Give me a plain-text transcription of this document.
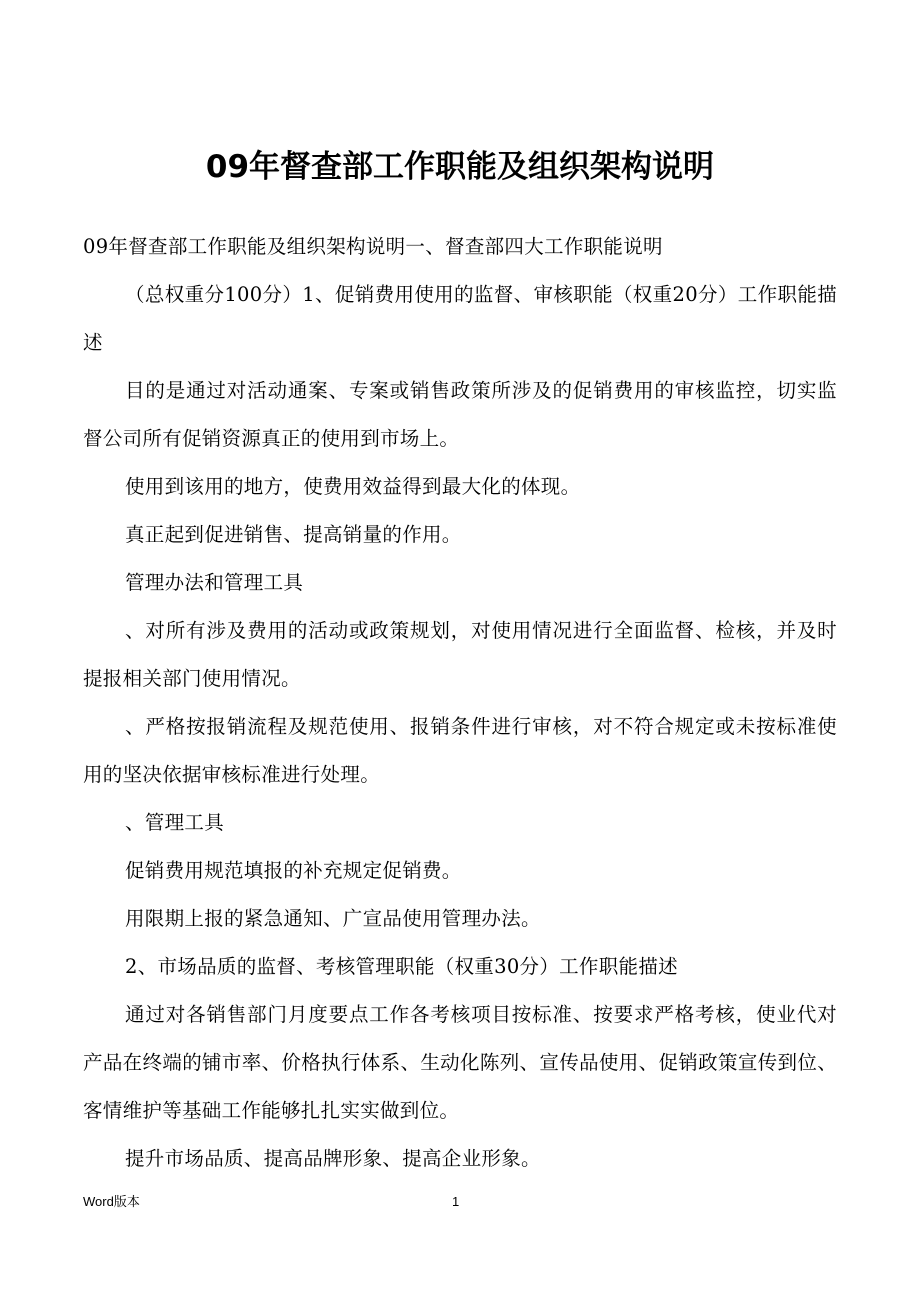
09年督查部工作职能及组织架构说明

09年督查部工作职能及组织架构说明一、督查部四大工作职能说明

（总权重分100分）1、促销费用使用的监督、审核职能（权重20分）工作职能描述

目的是通过对活动通案、专案或销售政策所涉及的促销费用的审核监控，切实监督公司所有促销资源真正的使用到市场上。

使用到该用的地方，使费用效益得到最大化的体现。

真正起到促进销售、提高销量的作用。

管理办法和管理工具

、对所有涉及费用的活动或政策规划，对使用情况进行全面监督、检核，并及时提报相关部门使用情况。

、严格按报销流程及规范使用、报销条件进行审核，对不符合规定或未按标准使用的坚决依据审核标准进行处理。

、管理工具

促销费用规范填报的补充规定促销费。

用限期上报的紧急通知、广宣品使用管理办法。

2、市场品质的监督、考核管理职能（权重30分）工作职能描述

通过对各销售部门月度要点工作各考核项目按标准、按要求严格考核，使业代对产品在终端的铺市率、价格执行体系、生动化陈列、宣传品使用、促销政策宣传到位、客情维护等基础工作能够扎扎实实做到位。

提升市场品质、提高品牌形象、提高企业形象。

Word版本	1
